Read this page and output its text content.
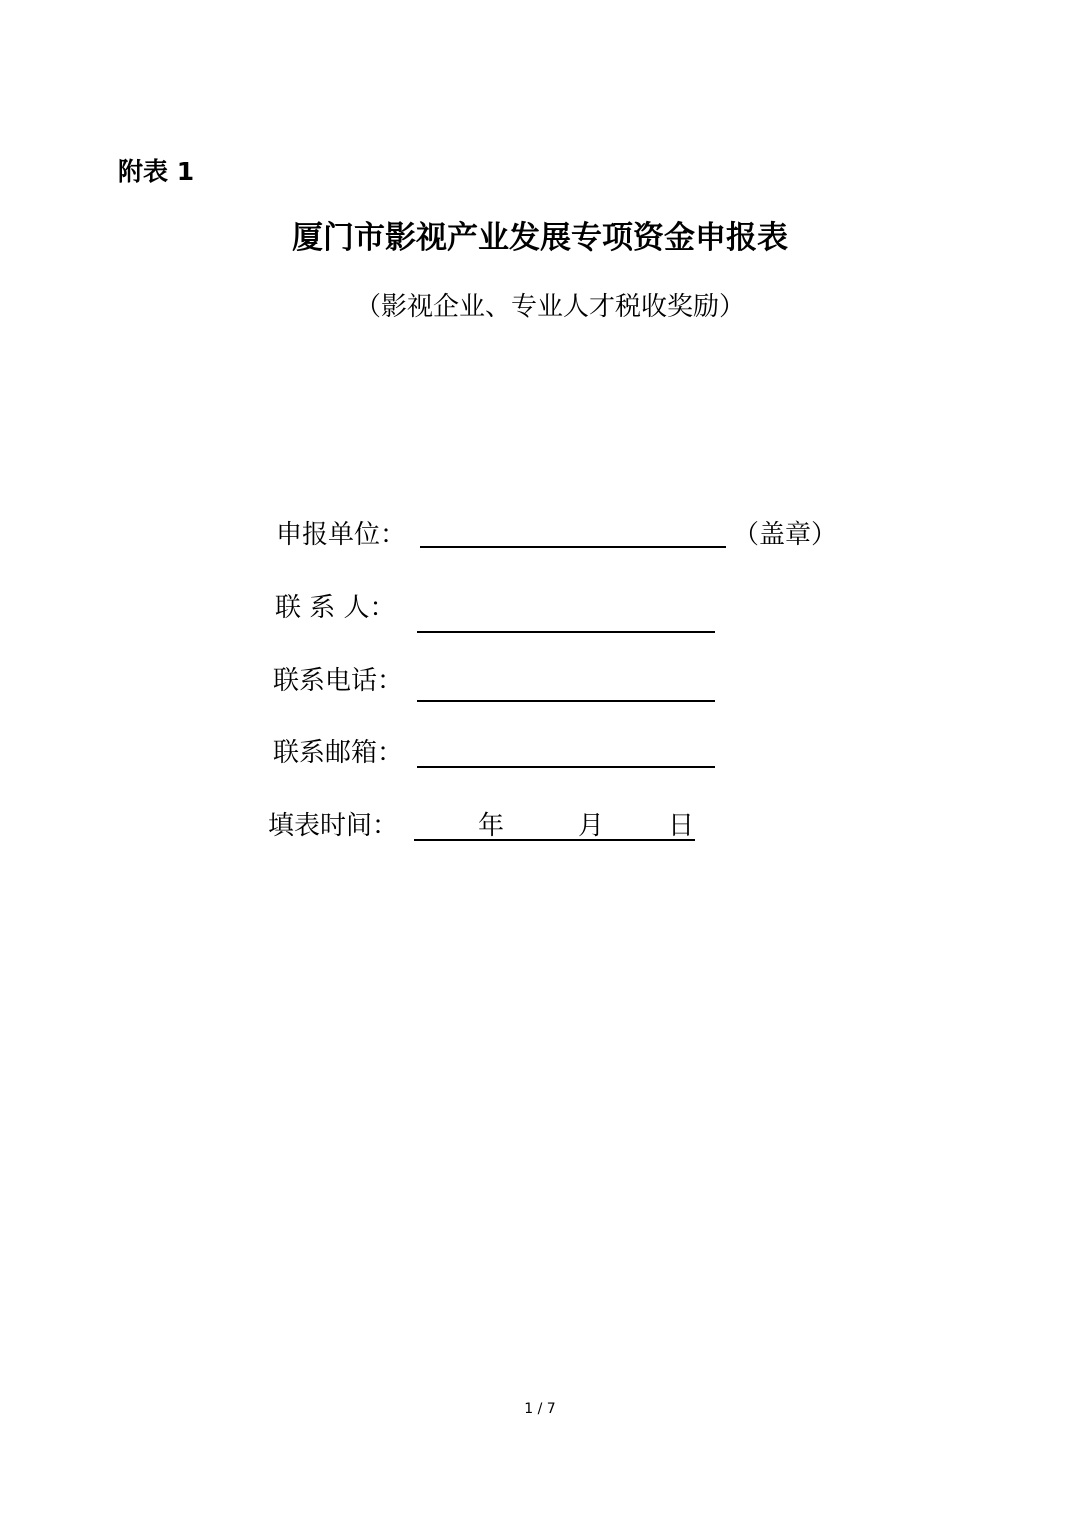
附表 1
厦门市影视产业发展专项资金申报表
（影视企业、专业人才税收奖励）
申报单位：	（盖章）
联 系 人：
联系电话：
联系邮箱：
填表时间：	年	月 日
1 / 7
